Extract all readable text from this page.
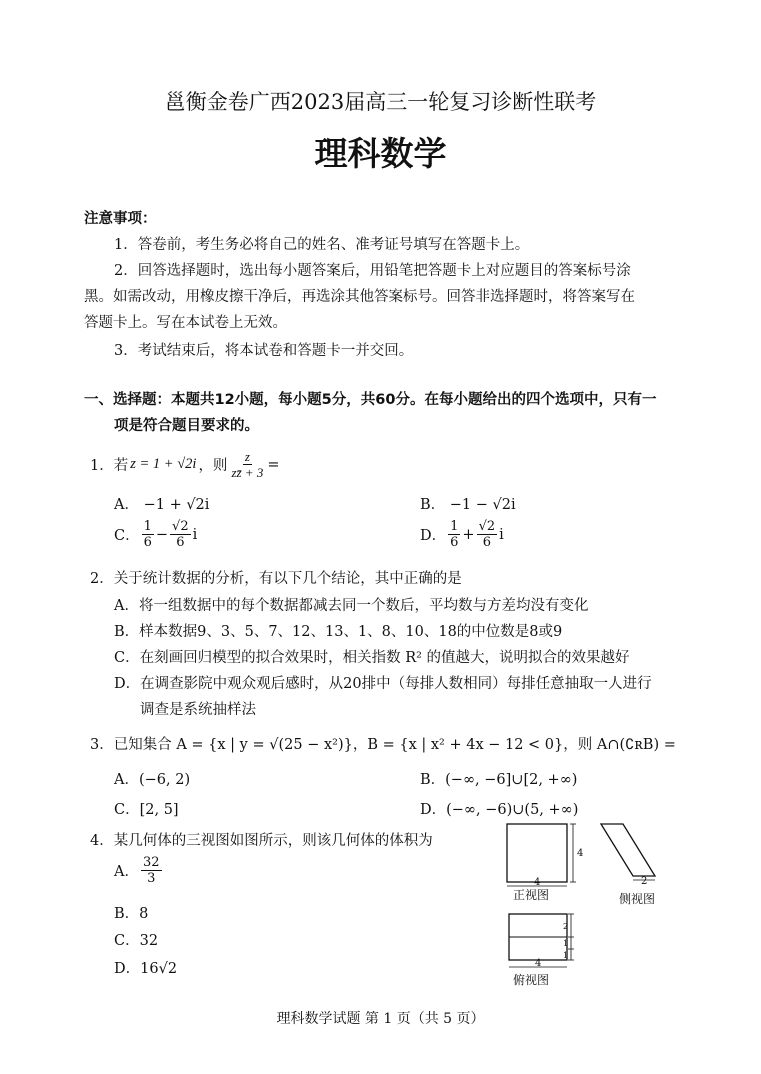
邕衡金卷广西2023届高三一轮复习诊断性联考
理科数学
注意事项：
1．答卷前，考生务必将自己的姓名、准考证号填写在答题卡上。
2．回答选择题时，选出每小题答案后，用铅笔把答题卡上对应题目的答案标号涂
黑。如需改动，用橡皮擦干净后，再选涂其他答案标号。回答非选择题时，将答案写在
答题卡上。写在本试卷上无效。
3．考试结束后，将本试卷和答题卡一并交回。
一、选择题：本题共12小题，每小题5分，共60分。在每小题给出的四个选项中，只有一
项是符合题目要求的。
1． 若 z = 1 + √2i ，则 $\frac{z}{zz̄ + 3}$ =
A． −1 + √2i	B． −1 − √2i
C． $\frac{1}{6} - \frac{√2}{6}$ i	D． $\frac{1}{6} + \frac{√2}{6}$ i
2．关于统计数据的分析，有以下几个结论，其中正确的是
A．将一组数据中的每个数据都减去同一个数后，平均数与方差均没有变化
B．样本数据9、3、5、7、12、13、1、8、10、18的中位数是8或9
C．在刻画回归模型的拟合效果时，相关指数 R² 的值越大，说明拟合的效果越好
D．在调查影院中观众观后感时，从20排中（每排人数相同）每排任意抽取一人进行
调查是系统抽样法
3．已知集合 A = {x | y = √(25 − x²)}，B = {x | x² + 4x − 12 < 0}，则 A∩(∁ʀB) =
A．(−6, 2)	B．(−∞, −6]∪[2, +∞)
C．[2, 5]	D．(−∞, −6)∪(5, +∞)
4．某几何体的三视图如图所示，则该几何体的体积为
A． $\frac{32}{3}$
B．8
C．32
D．16√2
4
4
正视图
2
侧视图
2
1
1
4
俯视图
理科数学试题 第 1 页（共 5 页）
